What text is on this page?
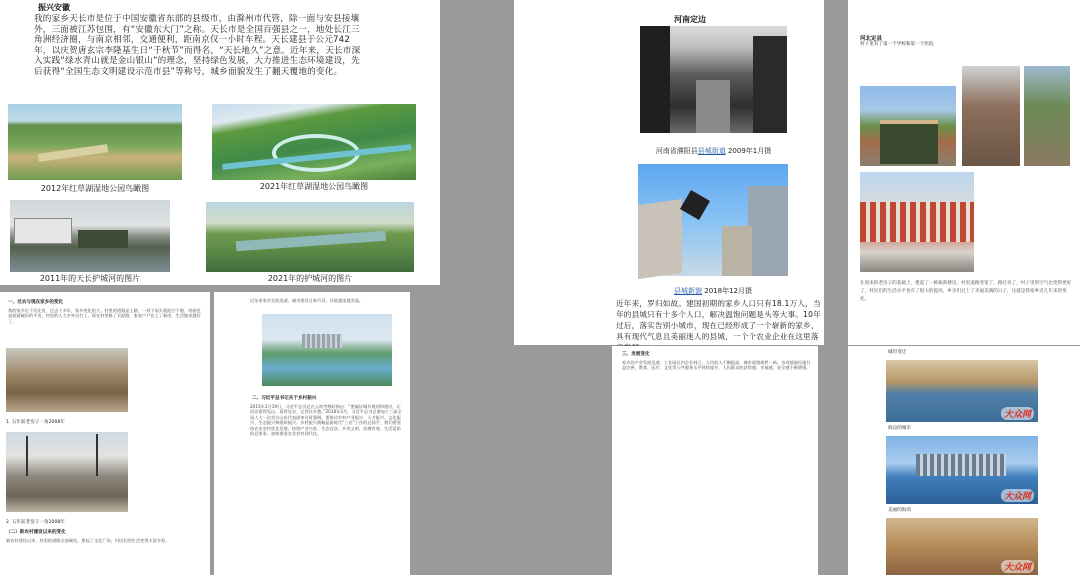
振兴安徽
我的家乡天长市是位于中国安徽省东部的县级市，由滁州市代管，除一面与安县接壤外，三面被江苏包围，有“安徽东大门”之称。天长市是全国百强县之一，地处长江三角洲经济圈，与南京相邻，交通便利，距南京仅一小时车程。天长建县于公元742年，以庆贺唐玄宗李隆基生日“千秋节”而得名，“天长地久”之意。近年来，天长市深入实践“绿水青山就是金山银山”的理念，坚持绿色发展，大力推进生态环境建设，先后获得“全国生态文明建设示范市县”等称号，城乡面貌发生了翻天覆地的变化。
2012年红草湖湿地公园鸟瞰图	2021年红草湖湿地公园鸟瞰图
2011年的天长护城河的图片	2021年的护城河的图片
河南定边
河南省濮阳县县城街道 2009年1月摄
县城新貌 2018年12月摄
近年来，罗归如故。建国初期的家乡人口只有18.1万人，当年的县城只有十多个人口，解决温饱问题是头等大事。10年过后，落实告别小城市，现在已经形成了一个崭新的家乡，具有现代气息且美丽迷人的县城，一个个农业企业在这里落
河北定县
村子里有了第一个学校和第一个医院
在原来的老房子的基础上，建起了一栋栋新楼房，村里道路变宽了，路灯亮了，村子里的空气也变得更好了，村民们的生活水平也有了很大的提高，乡亲们过上了幸福美满的日子，这就是我家乡近几年来的变化。
一、过去与现在家乡的变化
我的家乡位于河北省，过去十多年，家乡变化很大。村里的道路是土路，一到下雨天就泥泞不堪，房屋也是低矮破旧的平房，村里的人大多外出打工。现在村里修了水泥路，家家户户住上了新房，生活越来越好了。
1. 五年前老房子一角2008年
2. 五年前老房子一角2008年
（二）新农村建设以来的变化
新农村建设以来，村里的道路全部硬化，建起了文化广场，村民们的生活变得丰富多彩。
近年来家乡发展迅速，城市建设日新月异，环境越来越美丽。
二、习近平总书记关于乡村振兴
2015年1月19日，习近平总书记在云南考察时指出：“要搞好城乡规划和建设，让居民望得见山、看得见水、记得住乡愁。”2018年3月，习近平总书记参加十三届全国人大一次会议山东代表团审议时强调，要推动乡村产业振兴、人才振兴、文化振兴、生态振兴和组织振兴。乡村振兴战略是新时代“三农”工作的总抓手，我们要坚持农业农村优先发展，按照产业兴旺、生态宜居、乡风文明、治理有效、生活富裕的总要求，加快推进农业农村现代化。
三、发展变化
家乡的产业发展迅速，工业园区内企业林立，人均收入不断提高，城市面貌焕然一新。各项基础设施日益完善，教育、医疗、文化等公共服务水平持续提升，人民群众的获得感、幸福感、安全感不断增强。
城市变迁
大众网
海边的城市
大众网
美丽的海湾
大众网
